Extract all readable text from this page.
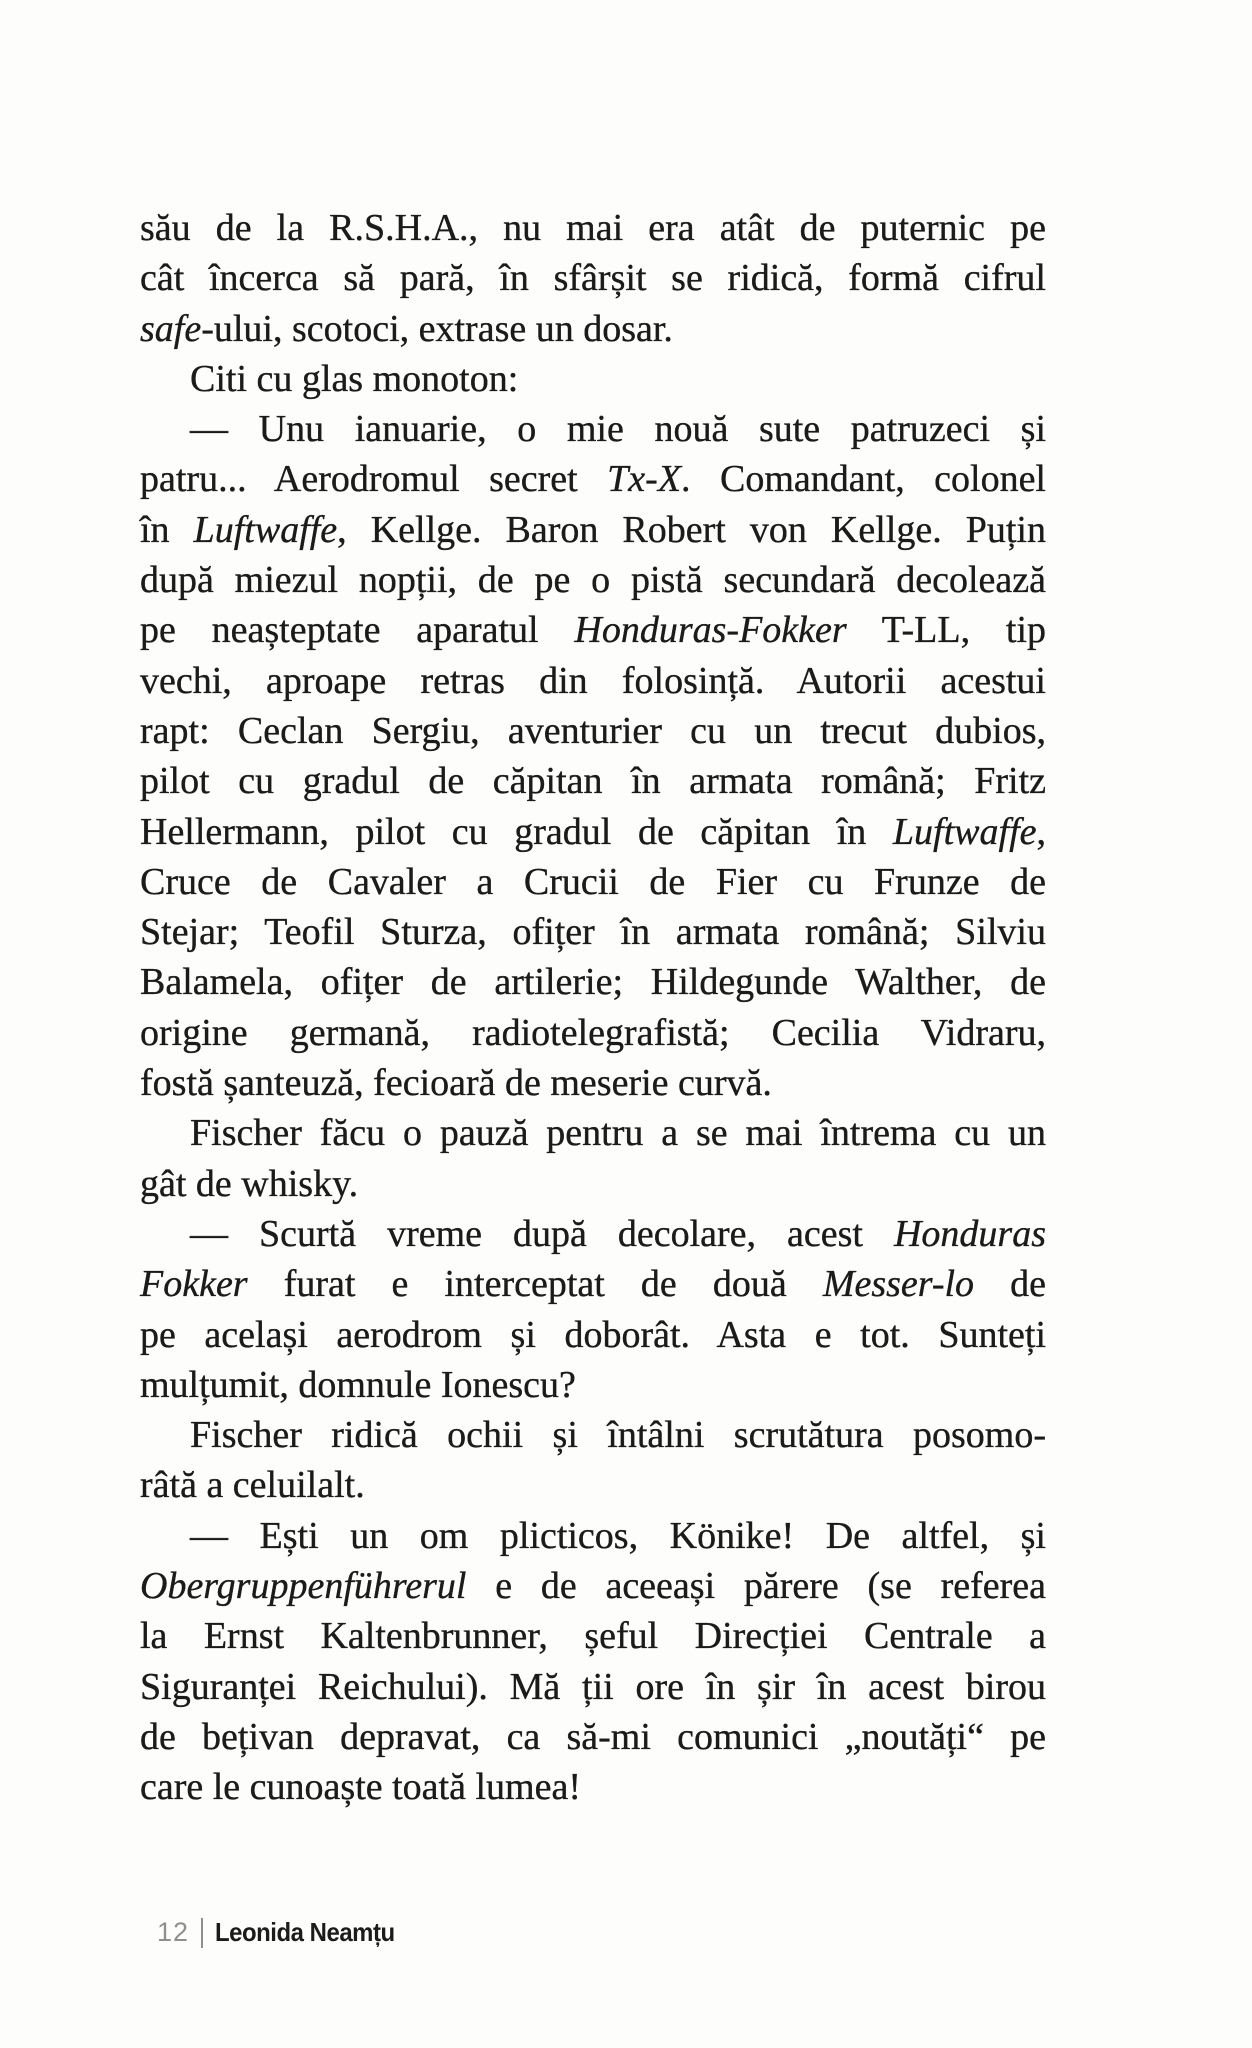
său de la R.S.H.A., nu mai era atât de puternic pe
cât încerca să pară, în sfârșit se ridică, formă cifrul
safe-ului, scotoci, extrase un dosar.
Citi cu glas monoton:
— Unu ianuarie, o mie nouă sute patruzeci și
patru... Aerodromul secret Tx-X. Comandant, colonel
în Luftwaffe, Kellge. Baron Robert von Kellge. Puțin
după miezul nopții, de pe o pistă secundară decolează
pe neașteptate aparatul Honduras-Fokker T-LL, tip
vechi, aproape retras din folosință. Autorii acestui
rapt: Ceclan Sergiu, aventurier cu un trecut dubios,
pilot cu gradul de căpitan în armata română; Fritz
Hellermann, pilot cu gradul de căpitan în Luftwaffe,
Cruce de Cavaler a Crucii de Fier cu Frunze de
Stejar; Teofil Sturza, ofițer în armata română; Silviu
Balamela, ofițer de artilerie; Hildegunde Walther, de
origine germană, radiotelegrafistă; Cecilia Vidraru,
fostă șanteuză, fecioară de meserie curvă.
Fischer făcu o pauză pentru a se mai întrema cu un
gât de whisky.
— Scurtă vreme după decolare, acest Honduras
Fokker furat e interceptat de două Messer-lo de
pe același aerodrom și doborât. Asta e tot. Sunteți
mulțumit, domnule Ionescu?
Fischer ridică ochii și întâlni scrutătura posomo-
râtă a celuilalt.
— Ești un om plicticos, Könike! De altfel, și
Obergruppenführerul e de aceeași părere (se referea
la Ernst Kaltenbrunner, șeful Direcției Centrale a
Siguranței Reichului). Mă ții ore în șir în acest birou
de bețivan depravat, ca să-mi comunici „noutăți“ pe
care le cunoaște toată lumea!
12 Leonida Neamțu
